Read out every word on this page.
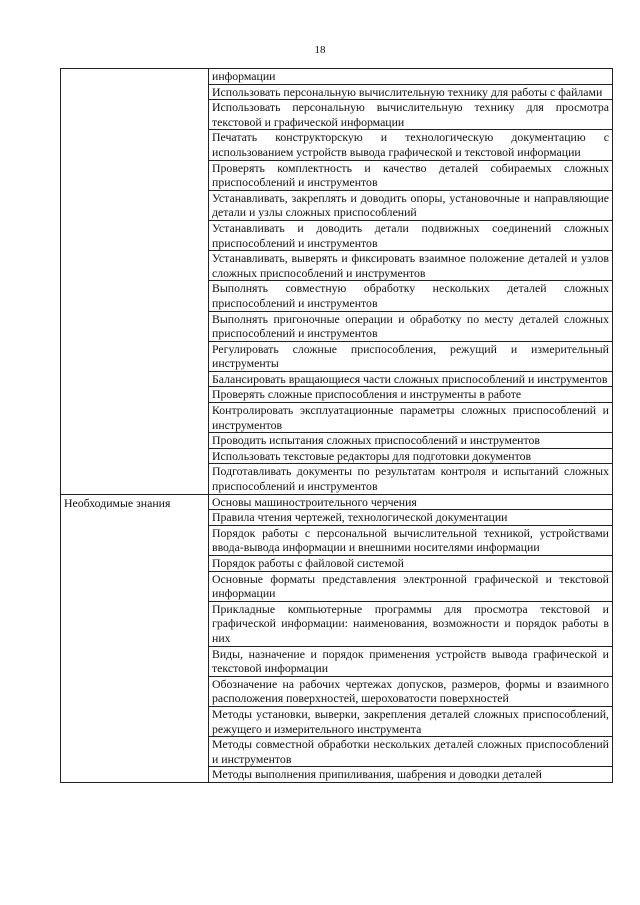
18
	информации
	Использовать персональную вычислительную технику для работы с файлами
	Использовать персональную вычислительную технику для просмотра текстовой и графической информации
	Печатать конструкторскую и технологическую документацию с использованием устройств вывода графической и текстовой информации
	Проверять комплектность и качество деталей собираемых сложных приспособлений и инструментов
	Устанавливать, закреплять и доводить опоры, установочные и направляющие детали и узлы сложных приспособлений
	Устанавливать и доводить детали подвижных соединений сложных приспособлений и инструментов
	Устанавливать, выверять и фиксировать взаимное положение деталей и узлов сложных приспособлений и инструментов
	Выполнять совместную обработку нескольких деталей сложных приспособлений и инструментов
	Выполнять пригоночные операции и обработку по месту деталей сложных приспособлений и инструментов
	Регулировать сложные приспособления, режущий и измерительный инструменты
	Балансировать вращающиеся части сложных приспособлений и инструментов
	Проверять сложные приспособления и инструменты в работе
	Контролировать эксплуатационные параметры сложных приспособлений и инструментов
	Проводить испытания сложных приспособлений и инструментов
	Использовать текстовые редакторы для подготовки документов
	Подготавливать документы по результатам контроля и испытаний сложных приспособлений и инструментов
Необходимые знания	Основы машиностроительного черчения
	Правила чтения чертежей, технологической документации
	Порядок работы с персональной вычислительной техникой, устройствами ввода-вывода информации и внешними носителями информации
	Порядок работы с файловой системой
	Основные форматы представления электронной графической и текстовой информации
	Прикладные компьютерные программы для просмотра текстовой и графической информации: наименования, возможности и порядок работы в них
	Виды, назначение и порядок применения устройств вывода графической и текстовой информации
	Обозначение на рабочих чертежах допусков, размеров, формы и взаимного расположения поверхностей, шероховатости поверхностей
	Методы установки, выверки, закрепления деталей сложных приспособлений, режущего и измерительного инструмента
	Методы совместной обработки нескольких деталей сложных приспособлений и инструментов
	Методы выполнения припиливания, шабрения и доводки деталей
